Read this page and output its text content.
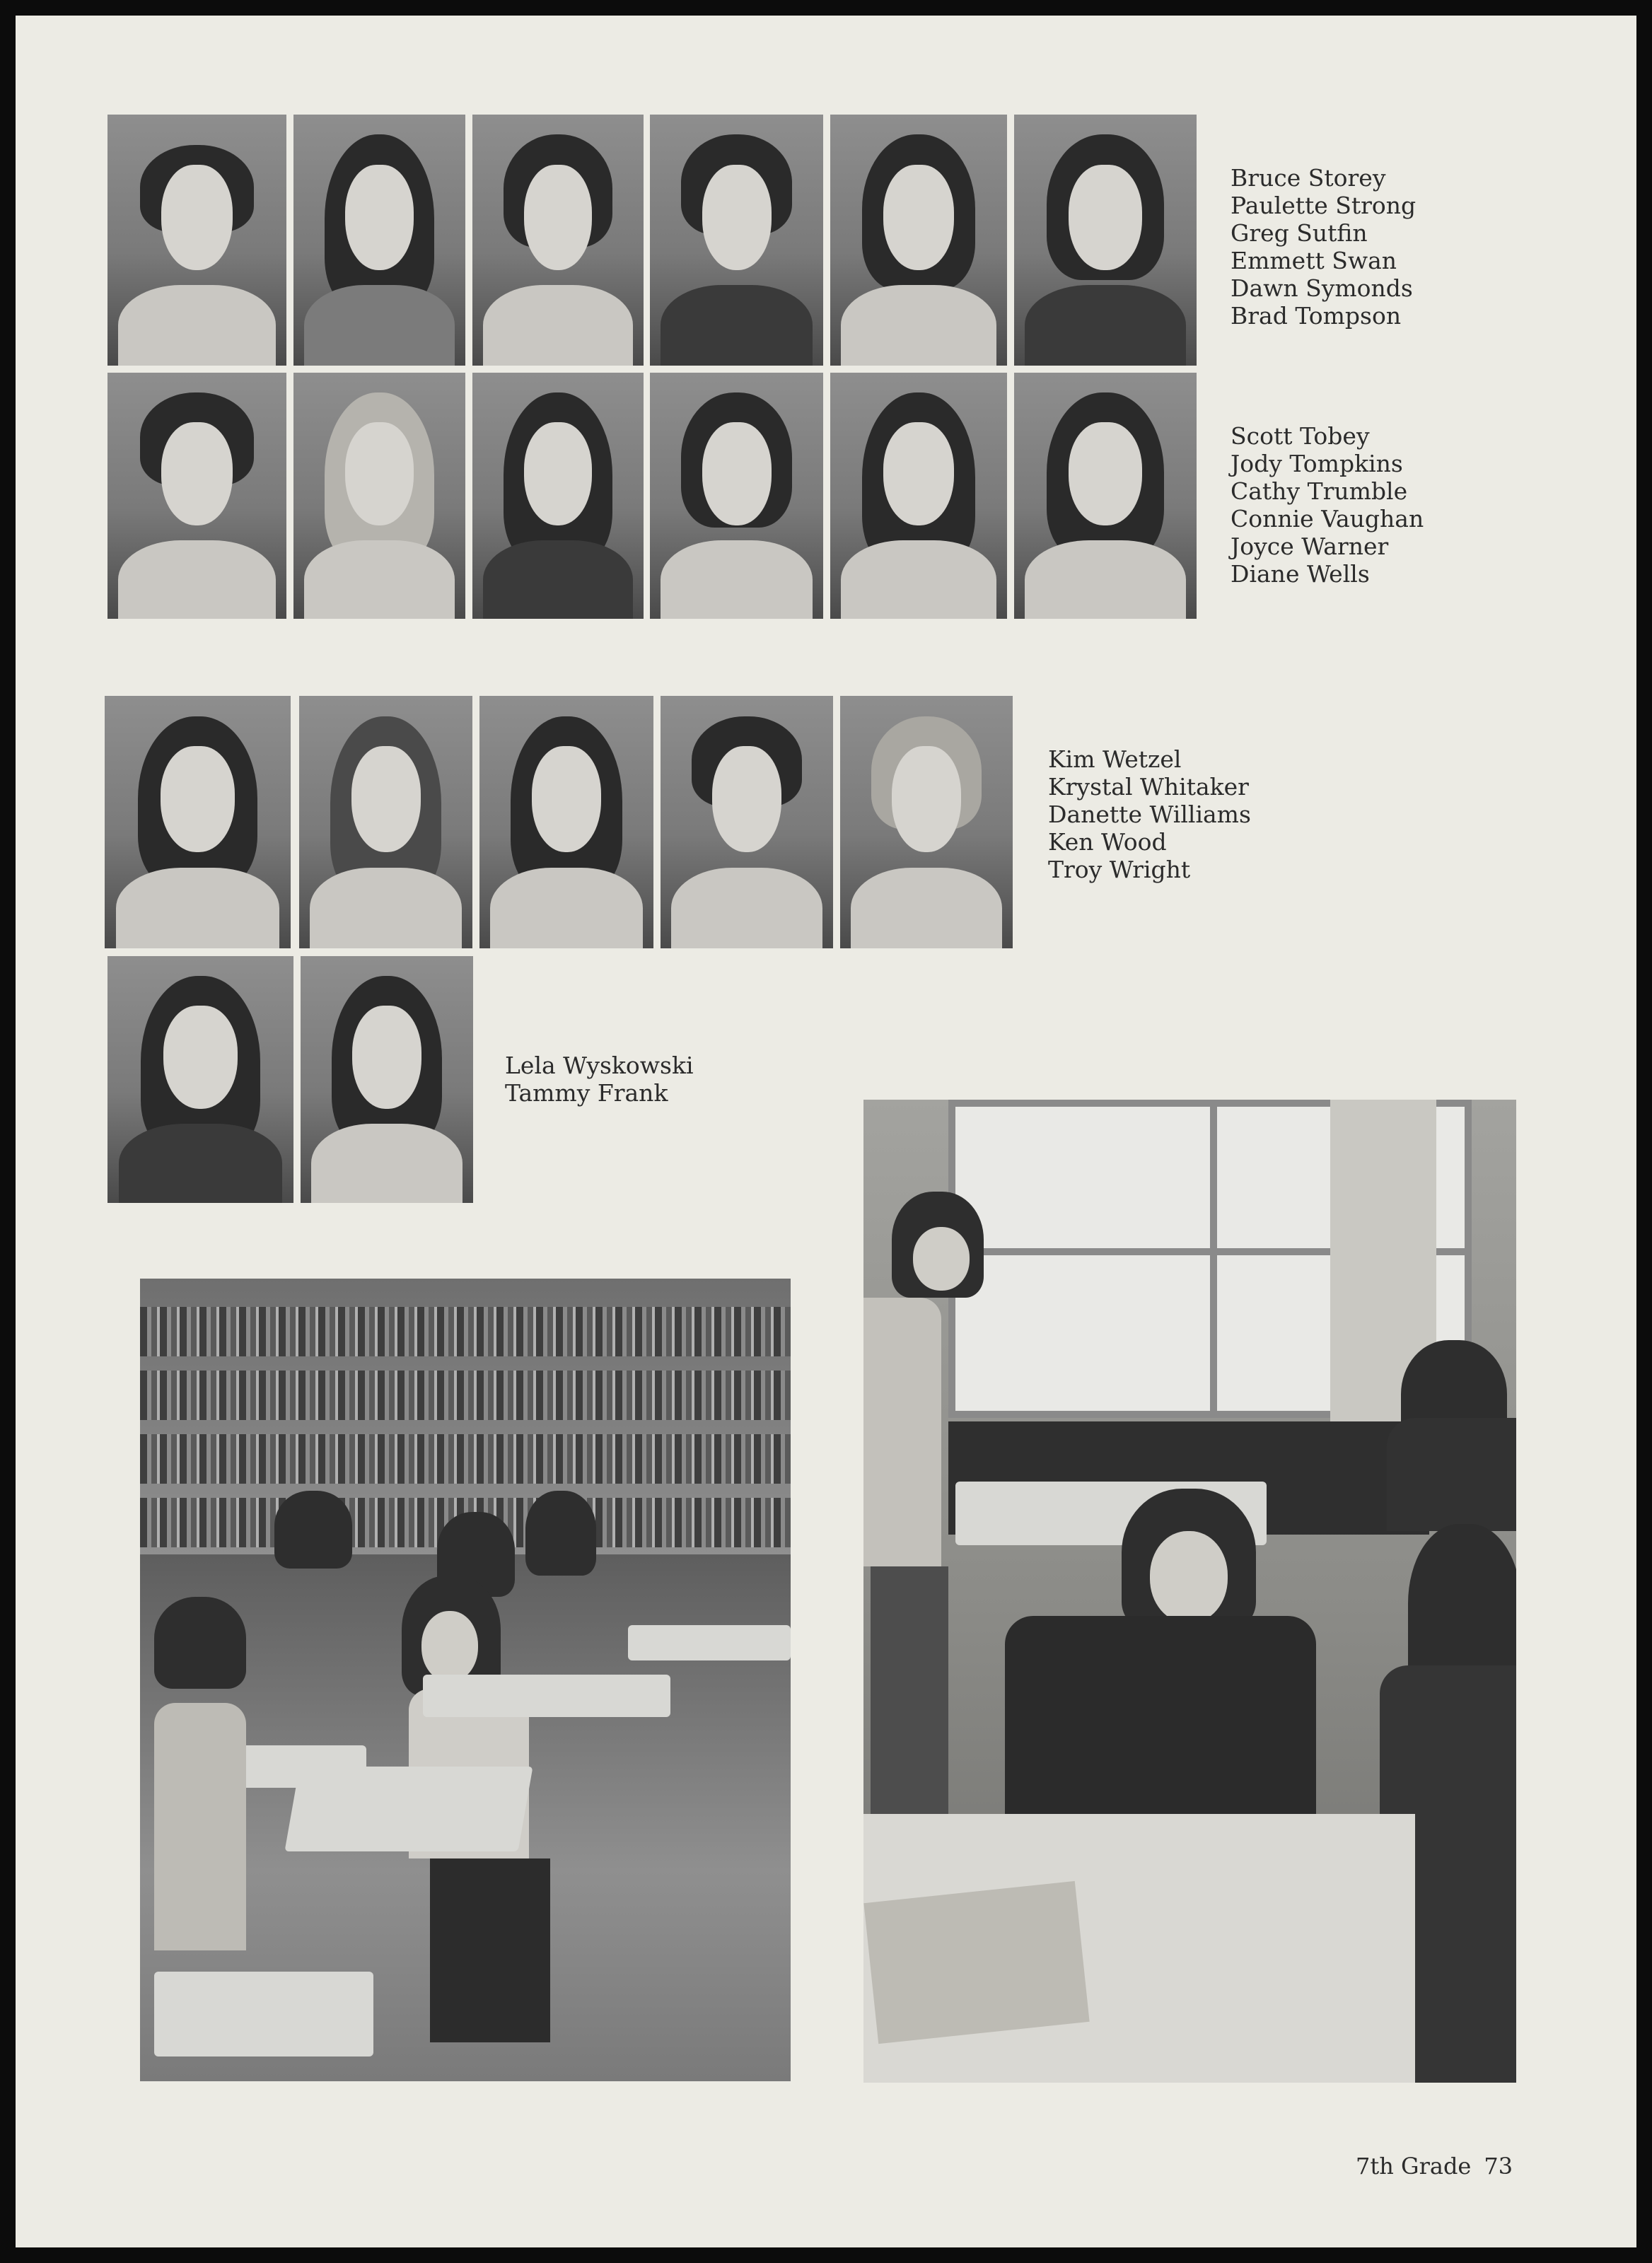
Bruce Storey
Paulette Strong
Greg Sutfin
Emmett Swan
Dawn Symonds
Brad Tompson
Scott Tobey
Jody Tompkins
Cathy Trumble
Connie Vaughan
Joyce Warner
Diane Wells
Kim Wetzel
Krystal Whitaker
Danette Williams
Ken Wood
Troy Wright
Lela Wyskowski
Tammy Frank
7th Grade 73
